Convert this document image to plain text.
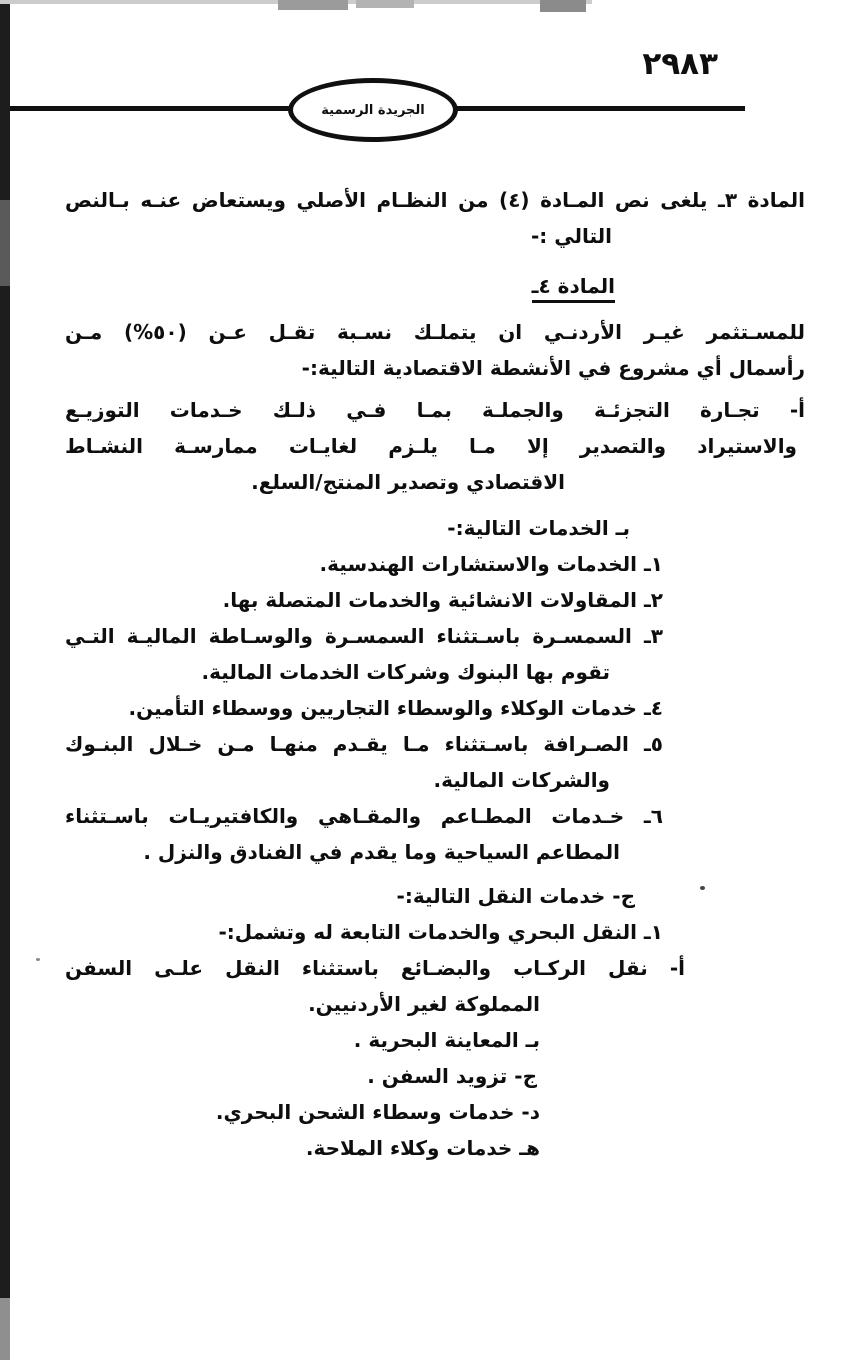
٢٩٨٣
الجريدة الرسمية
المادة ٣ـ يلغى نص المـادة (٤) من النظـام الأصلي ويستعاض عنـه بـالنص
التالي :-
المادة ٤ـ
للمسـتثمر غيـر الأردنـي ان يتملـك نسـبة تقـل عـن (٥٠%) مـن
رأسمال أي مشروع في الأنشطة الاقتصادية التالية:-
أ- تجـارة التجزئـة والجملـة بمـا فـي ذلـك خـدمات التوزيـع
والاستيراد والتصدير إلا مـا يلـزم لغايـات ممارسـة النشـاط
الاقتصادي وتصدير المنتج/السلع.
بـ الخدمات التالية:-
١ـ الخدمات والاستشارات الهندسية.
٢ـ المقاولات الانشائية والخدمات المتصلة بها.
٣ـ السمسـرة باسـتثناء السمسـرة والوسـاطة الماليـة التـي
تقوم بها البنوك وشركات الخدمات المالية.
٤ـ خدمات الوكلاء والوسطاء التجاريين ووسطاء التأمين.
٥ـ الصـرافة باسـتثناء مـا يقـدم منهـا مـن خـلال البنـوك
والشركات المالية.
٦ـ خـدمات المطـاعم والمقـاهي والكافتيريـات باسـتثناء
المطاعم السياحية وما يقدم في الفنادق والنزل .
ج- خدمات النقل التالية:-
١ـ النقل البحري والخدمات التابعة له وتشمل:-
أ- نقل الركـاب والبضـائع باستثناء النقل علـى السفن
المملوكة لغير الأردنيين.
بـ المعاينة البحرية .
ج- تزويد السفن .
د- خدمات وسطاء الشحن البحري.
هـ خدمات وكلاء الملاحة.
